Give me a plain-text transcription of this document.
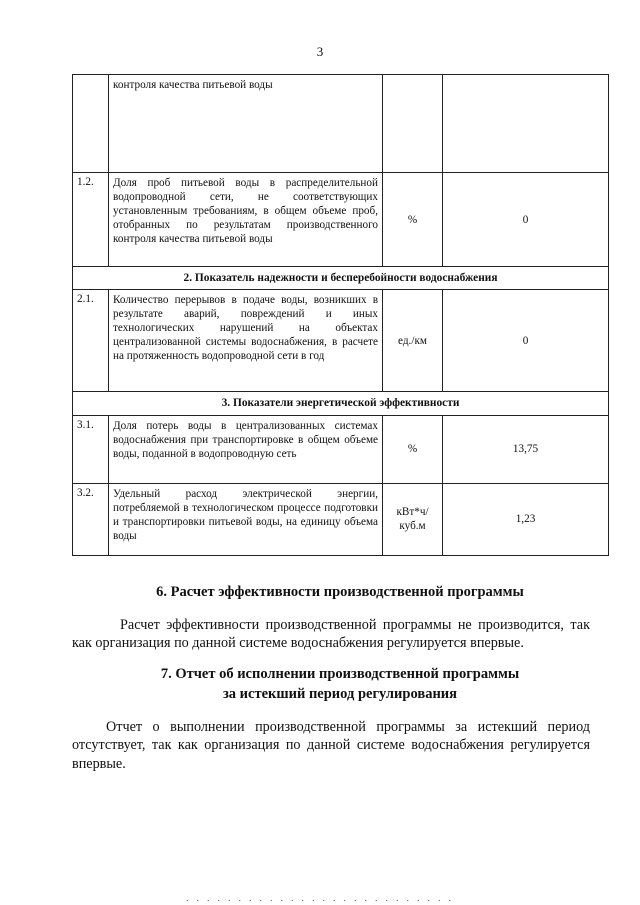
3
	контроля качества питьевой воды		
1.2.	Доля проб питьевой воды в распределительной водопроводной сети, не соответствующих установленным требованиям, в общем объеме проб, отобранных по результатам производственного контроля качества питьевой воды	%	0
2. Показатель надежности и бесперебойности водоснабжения			
2.1.	Количество перерывов в подаче воды, возникших в результате аварий, повреждений и иных технологических нарушений на объектах централизованной системы водоснабжения, в расчете на протяженность водопроводной сети в год	ед./км	0
3. Показатели энергетической эффективности			
3.1.	Доля потерь воды в централизованных системах водоснабжения при транспортировке в общем объеме воды, поданной в водопроводную сеть	%	13,75
3.2.	Удельный расход электрической энергии, потребляемой в технологическом процессе подготовки и транспортировки питьевой воды, на единицу объема воды	кВт*ч/ куб.м	1,23
6. Расчет эффективности производственной программы
Расчет эффективности производственной программы не производится, так как организация по данной системе водоснабжения регулируется впервые.
7. Отчет об исполнении производственной программы
за истекший период регулирования
Отчет о выполнении производственной программы за истекший период отсутствует, так как организация по данной системе водоснабжения регулируется впервые.
. . . . . . . . . . . . . . . . . . . . . . . . . .
